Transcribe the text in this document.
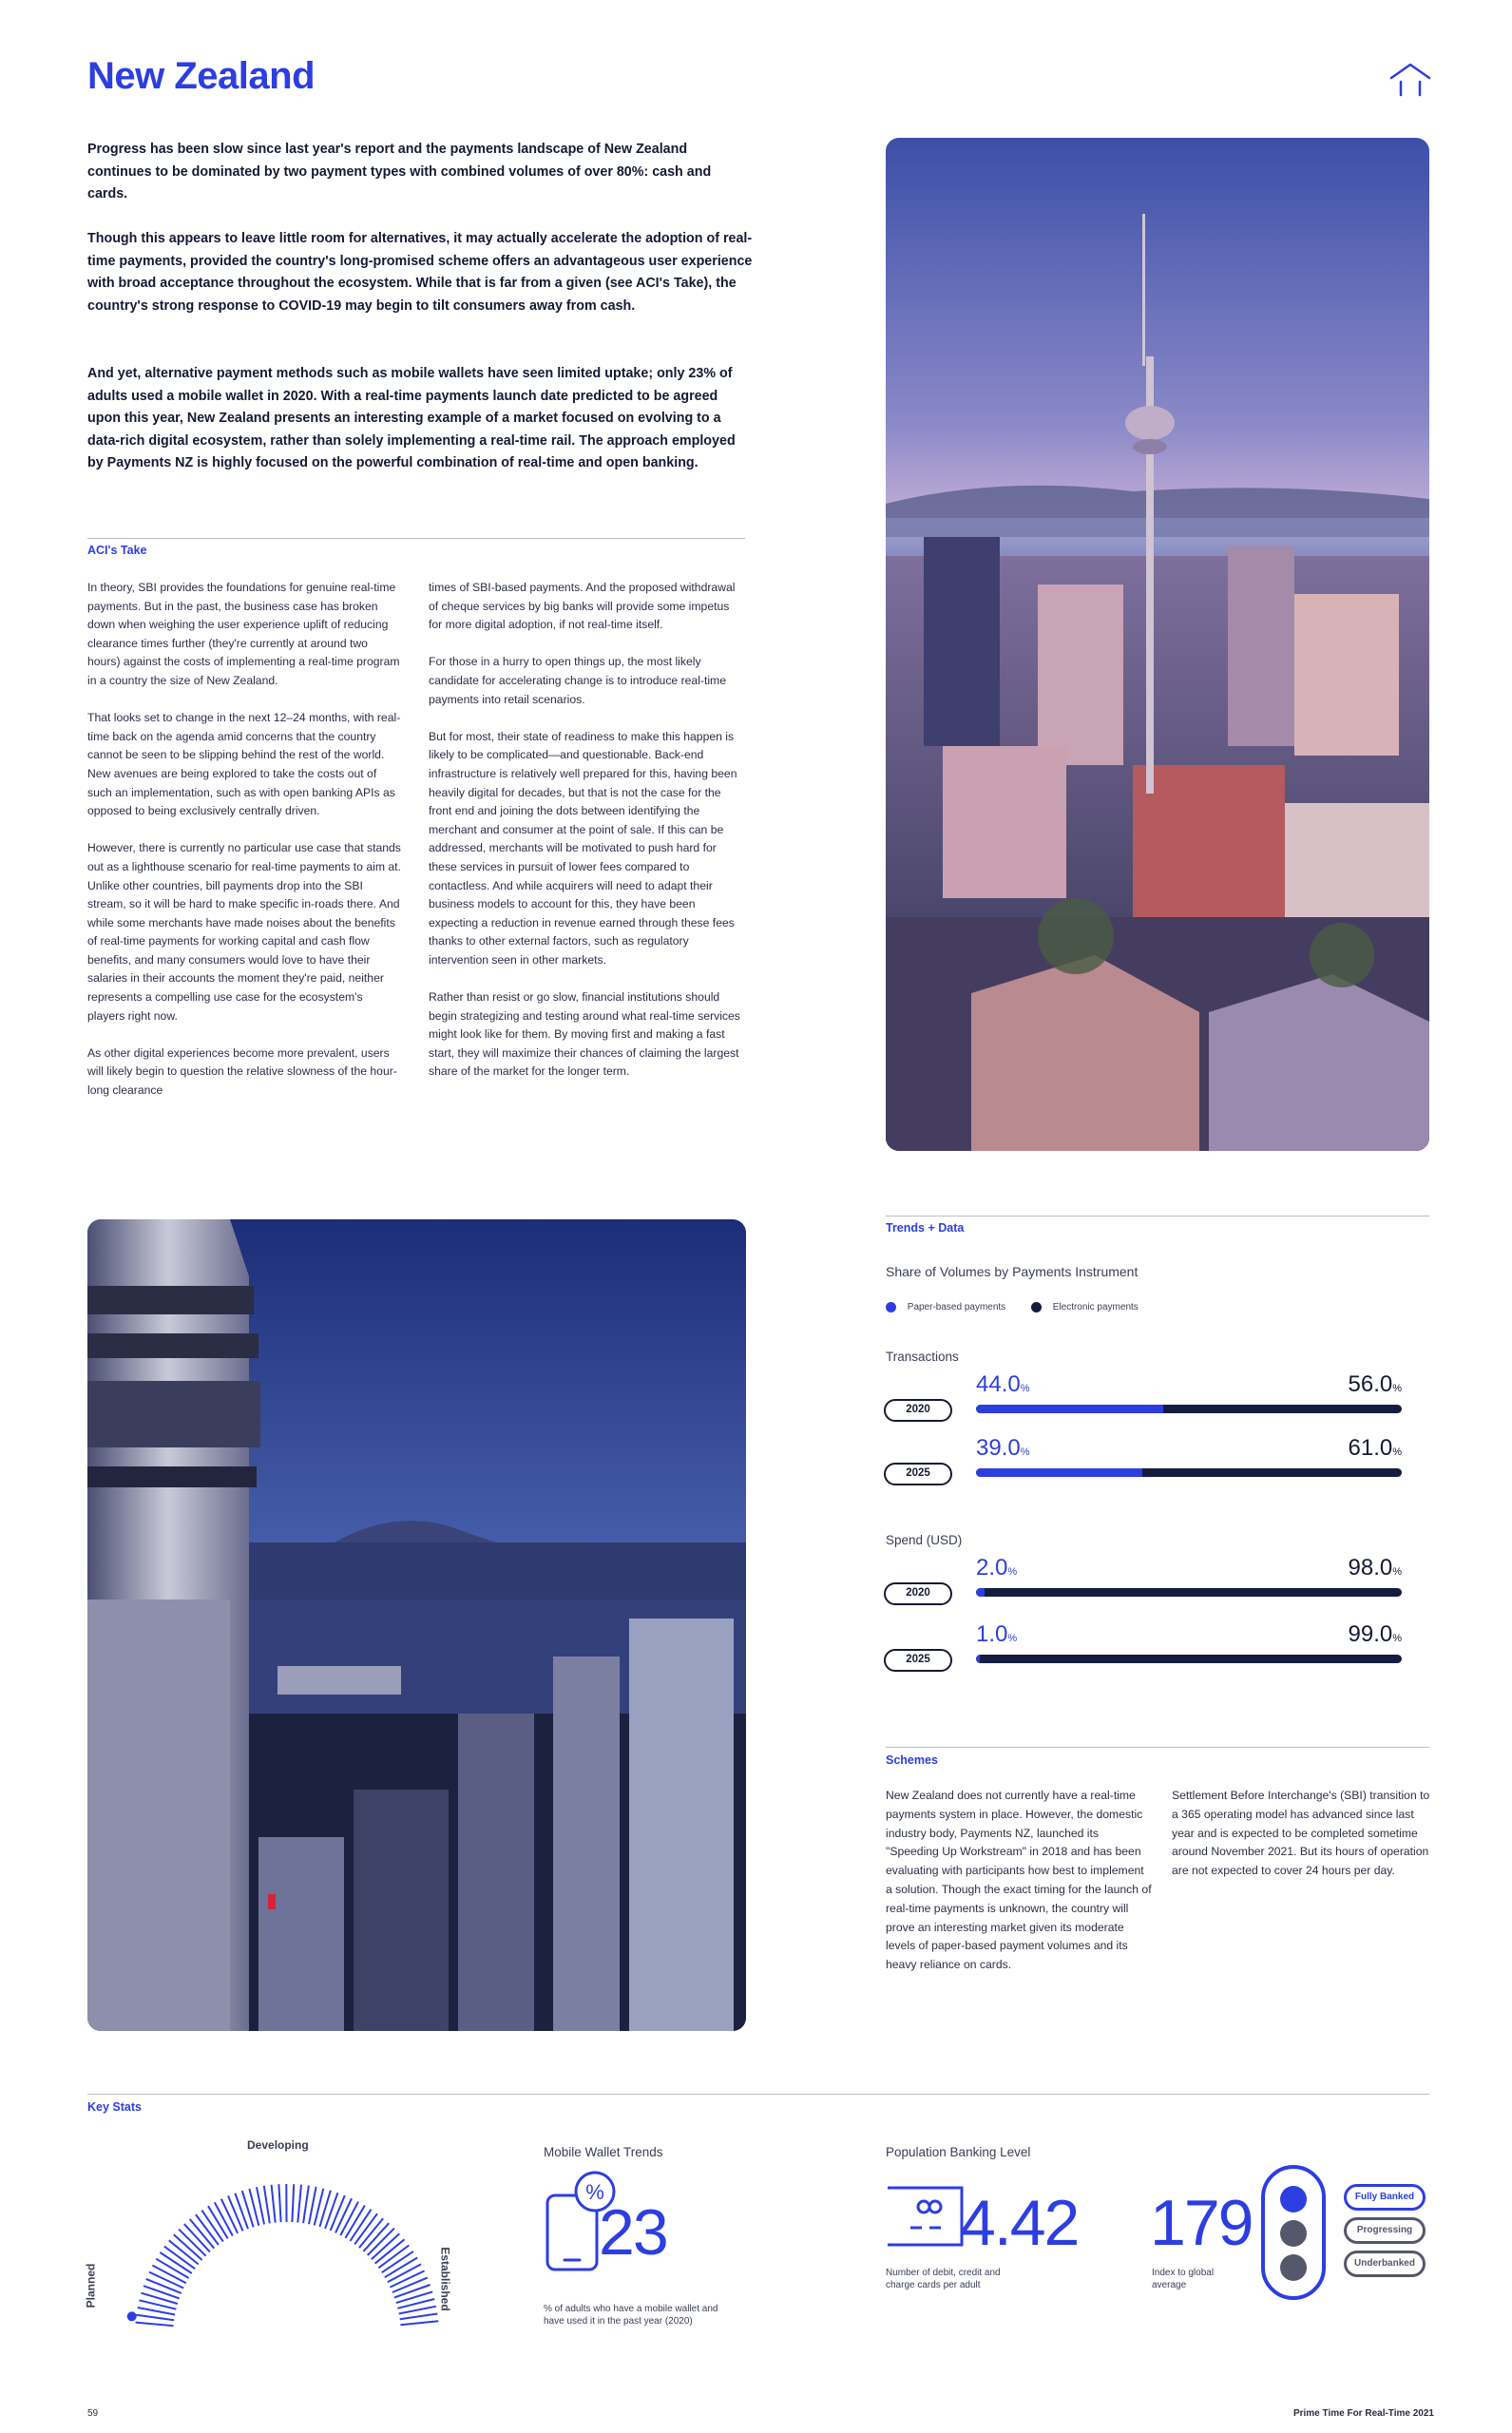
New Zealand

Progress has been slow since last year's report and the payments landscape of New Zealand continues to be dominated by two payment types with combined volumes of over 80%: cash and cards.

Though this appears to leave little room for alternatives, it may actually accelerate the adoption of real-time payments, provided the country's long-promised scheme offers an advantageous user experience with broad acceptance throughout the ecosystem. While that is far from a given (see ACI's Take), the country's strong response to COVID-19 may begin to tilt consumers away from cash.

And yet, alternative payment methods such as mobile wallets have seen limited uptake; only 23% of adults used a mobile wallet in 2020. With a real-time payments launch date predicted to be agreed upon this year, New Zealand presents an interesting example of a market focused on evolving to a data-rich digital ecosystem, rather than solely implementing a real-time rail. The approach employed by Payments NZ is highly focused on the powerful combination of real-time and open banking.

ACI's Take

In theory, SBI provides the foundations for genuine real-time payments. But in the past, the business case has broken down when weighing the user experience uplift of reducing clearance times further (they're currently at around two hours) against the costs of implementing a real-time program in a country the size of New Zealand.

That looks set to change in the next 12–24 months, with real-time back on the agenda amid concerns that the country cannot be seen to be slipping behind the rest of the world. New avenues are being explored to take the costs out of such an implementation, such as with open banking APIs as opposed to being exclusively centrally driven.

However, there is currently no particular use case that stands out as a lighthouse scenario for real-time payments to aim at. Unlike other countries, bill payments drop into the SBI stream, so it will be hard to make specific in-roads there. And while some merchants have made noises about the benefits of real-time payments for working capital and cash flow benefits, and many consumers would love to have their salaries in their accounts the moment they're paid, neither represents a compelling use case for the ecosystem's players right now.

As other digital experiences become more prevalent, users will likely begin to question the relative slowness of the hour-long clearance

times of SBI-based payments. And the proposed withdrawal of cheque services by big banks will provide some impetus for more digital adoption, if not real-time itself.

For those in a hurry to open things up, the most likely candidate for accelerating change is to introduce real-time payments into retail scenarios.

But for most, their state of readiness to make this happen is likely to be complicated—and questionable. Back-end infrastructure is relatively well prepared for this, having been heavily digital for decades, but that is not the case for the front end and joining the dots between identifying the merchant and consumer at the point of sale. If this can be addressed, merchants will be motivated to push hard for these services in pursuit of lower fees compared to contactless. And while acquirers will need to adapt their business models to account for this, they have been expecting a reduction in revenue earned through these fees thanks to other external factors, such as regulatory intervention seen in other markets.

Rather than resist or go slow, financial institutions should begin strategizing and testing around what real-time services might look like for them. By moving first and making a fast start, they will maximize their chances of claiming the largest share of the market for the longer term.

Trends + Data
Share of Volumes by Payments Instrument
Paper-based payments	Electronic payments
Transactions
2020
44.0%	56.0%
2025
39.0%	61.0%
Spend (USD)
2020
2.0%	98.0%
2025
1.0%	99.0%
Schemes
New Zealand does not currently have a real-time payments system in place. However, the domestic industry body, Payments NZ, launched its "Speeding Up Workstream" in 2018 and has been evaluating with participants how best to implement a solution. Though the exact timing for the launch of real-time payments is unknown, the country will prove an interesting market given its moderate levels of paper-based payment volumes and its heavy reliance on cards.
Settlement Before Interchange's (SBI) transition to a 365 operating model has advanced since last year and is expected to be completed sometime around November 2021. But its hours of operation are not expected to cover 24 hours per day.
Key Stats
Developing
Planned	Established
Mobile Wallet Trends
%
23
% of adults who have a mobile wallet and have used it in the past year (2020)
Population Banking Level
4.42
Number of debit, credit and charge cards per adult
179
Index to global average
Fully Banked
Progressing
Underbanked
59	Prime Time For Real-Time 2021
